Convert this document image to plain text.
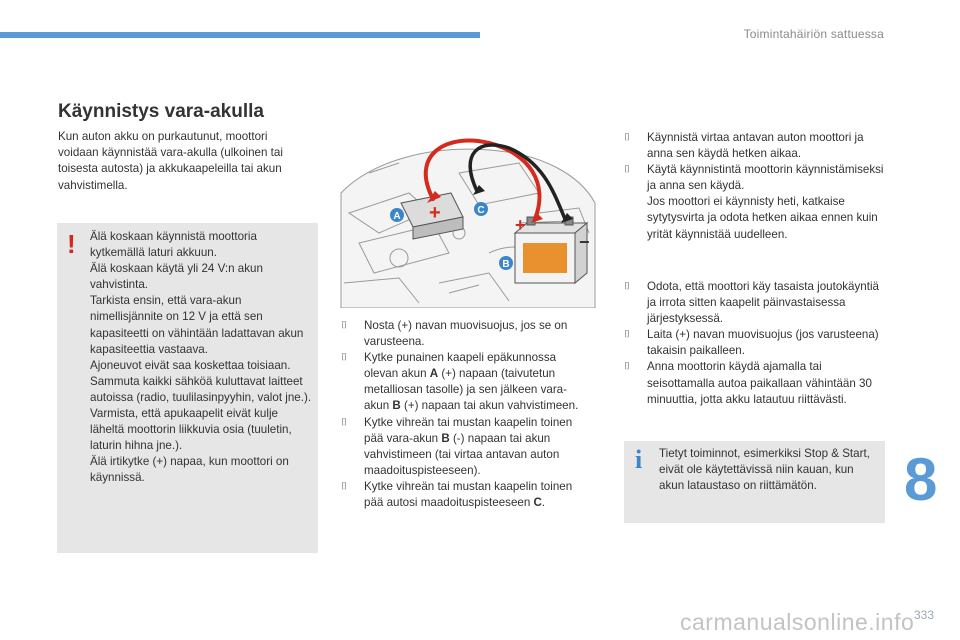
Toimintahäiriön sattuessa
Käynnistys vara-akulla

Kun auton akku on purkautunut, moottori voidaan käynnistää vara-akulla (ulkoinen tai toisesta autosta) ja akkukaapeleilla tai akun vahvistimella.

! Älä koskaan käynnistä moottoria kytkemällä laturi akkuun.
Älä koskaan käytä yli 24 V:n akun vahvistinta.
Tarkista ensin, että vara-akun nimellisjännite on 12 V ja että sen kapasiteetti on vähintään ladattavan akun kapasiteettia vastaava.
Ajoneuvot eivät saa koskettaa toisiaan.
Sammuta kaikki sähköä kuluttavat laitteet autoissa (radio, tuulilasinpyyhin, valot jne.).
Varmista, että apukaapelit eivät kulje läheltä moottorin liikkuvia osia (tuuletin, laturin hihna jne.).
Älä irtikytke (+) napaa, kun moottori on käynnissä.
+
+
−
A
C
B
⌷ Nosta (+) navan muovisuojus, jos se on varusteena.
⌷ Kytke punainen kaapeli epäkunnossa olevan akun A (+) napaan (taivutetun metalliosan tasolle) ja sen jälkeen vara-akun B (+) napaan tai akun vahvistimeen.
⌷ Kytke vihreän tai mustan kaapelin toinen pää vara-akun B (-) napaan tai akun vahvistimeen (tai virtaa antavan auton maadoituspisteeseen).
⌷ Kytke vihreän tai mustan kaapelin toinen pää autosi maadoituspisteeseen C.
⌷ Käynnistä virtaa antavan auton moottori ja anna sen käydä hetken aikaa.
⌷ Käytä käynnistintä moottorin käynnistämiseksi ja anna sen käydä.
Jos moottori ei käynnisty heti, katkaise sytytysvirta ja odota hetken aikaa ennen kuin yrität käynnistää uudelleen.
⌷ Odota, että moottori käy tasaista joutokäyntiä ja irrota sitten kaapelit päinvastaisessa järjestyksessä.
⌷ Laita (+) navan muovisuojus (jos varusteena) takaisin paikalleen.
⌷ Anna moottorin käydä ajamalla tai seisottamalla autoa paikallaan vähintään 30 minuuttia, jotta akku latautuu riittävästi.
i Tietyt toiminnot, esimerkiksi Stop & Start, eivät ole käytettävissä niin kauan, kun akun lataustaso on riittämätön.	8
carmanualsonline.info 333
